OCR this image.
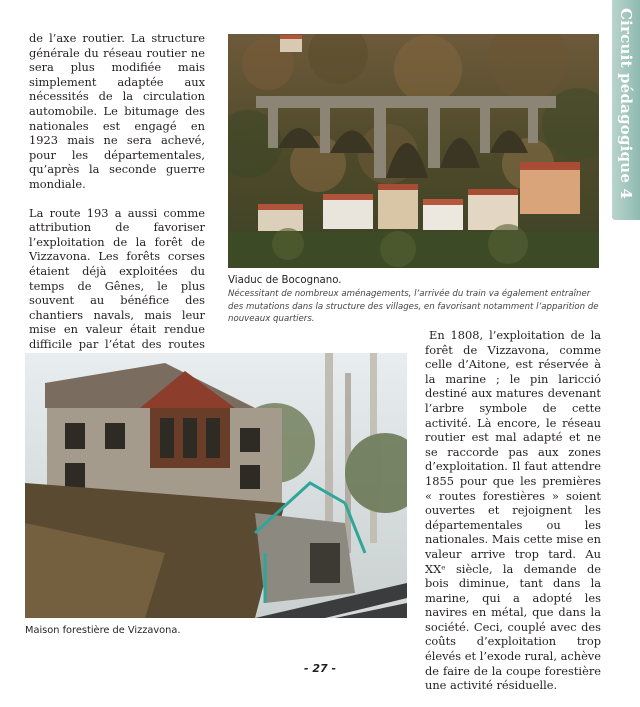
Circuit pédagogique 4

de l’axe routier. La structure générale du réseau routier ne sera plus modifiée mais simplement adaptée aux nécessités de la circulation automobile. Le bitumage des nationales est engagé en 1923 mais ne sera achevé, pour les départementales, qu’après la seconde guerre mondiale.

La route 193 a aussi comme attribution de favoriser l’exploitation de la forêt de Vizzavona. Les forêts corses étaient déjà exploitées du temps de Gênes, le plus souvent au bénéfice des chantiers navals, mais leur mise en valeur était rendue difficile par l’état des routes

Viaduc de Bocognano.
Nécessitant de nombreux aménagements, l’arrivée du train va également entraîner des mutations dans la structure des villages, en favorisant notamment l’apparition de nouveaux quartiers.
Maison forestière de Vizzavona.

En 1808, l’exploitation de la forêt de Vizzavona, comme celle d’Aitone, est réservée à la marine ; le pin laricció destiné aux matures devenant l’arbre symbole de cette activité. Là encore, le réseau routier est mal adapté et ne se raccorde pas aux zones d’exploitation. Il faut attendre 1855 pour que les premières « routes forestières » soient ouvertes et rejoignent les départementales ou les nationales. Mais cette mise en valeur arrive trop tard. Au XXᵉ siècle, la demande de bois diminue, tant dans la marine, qui a adopté les navires en métal, que dans la société. Ceci, couplé avec des coûts d’exploitation trop élevés et l’exode rural, achève de faire de la coupe forestière une activité résiduelle.

- 27 -
